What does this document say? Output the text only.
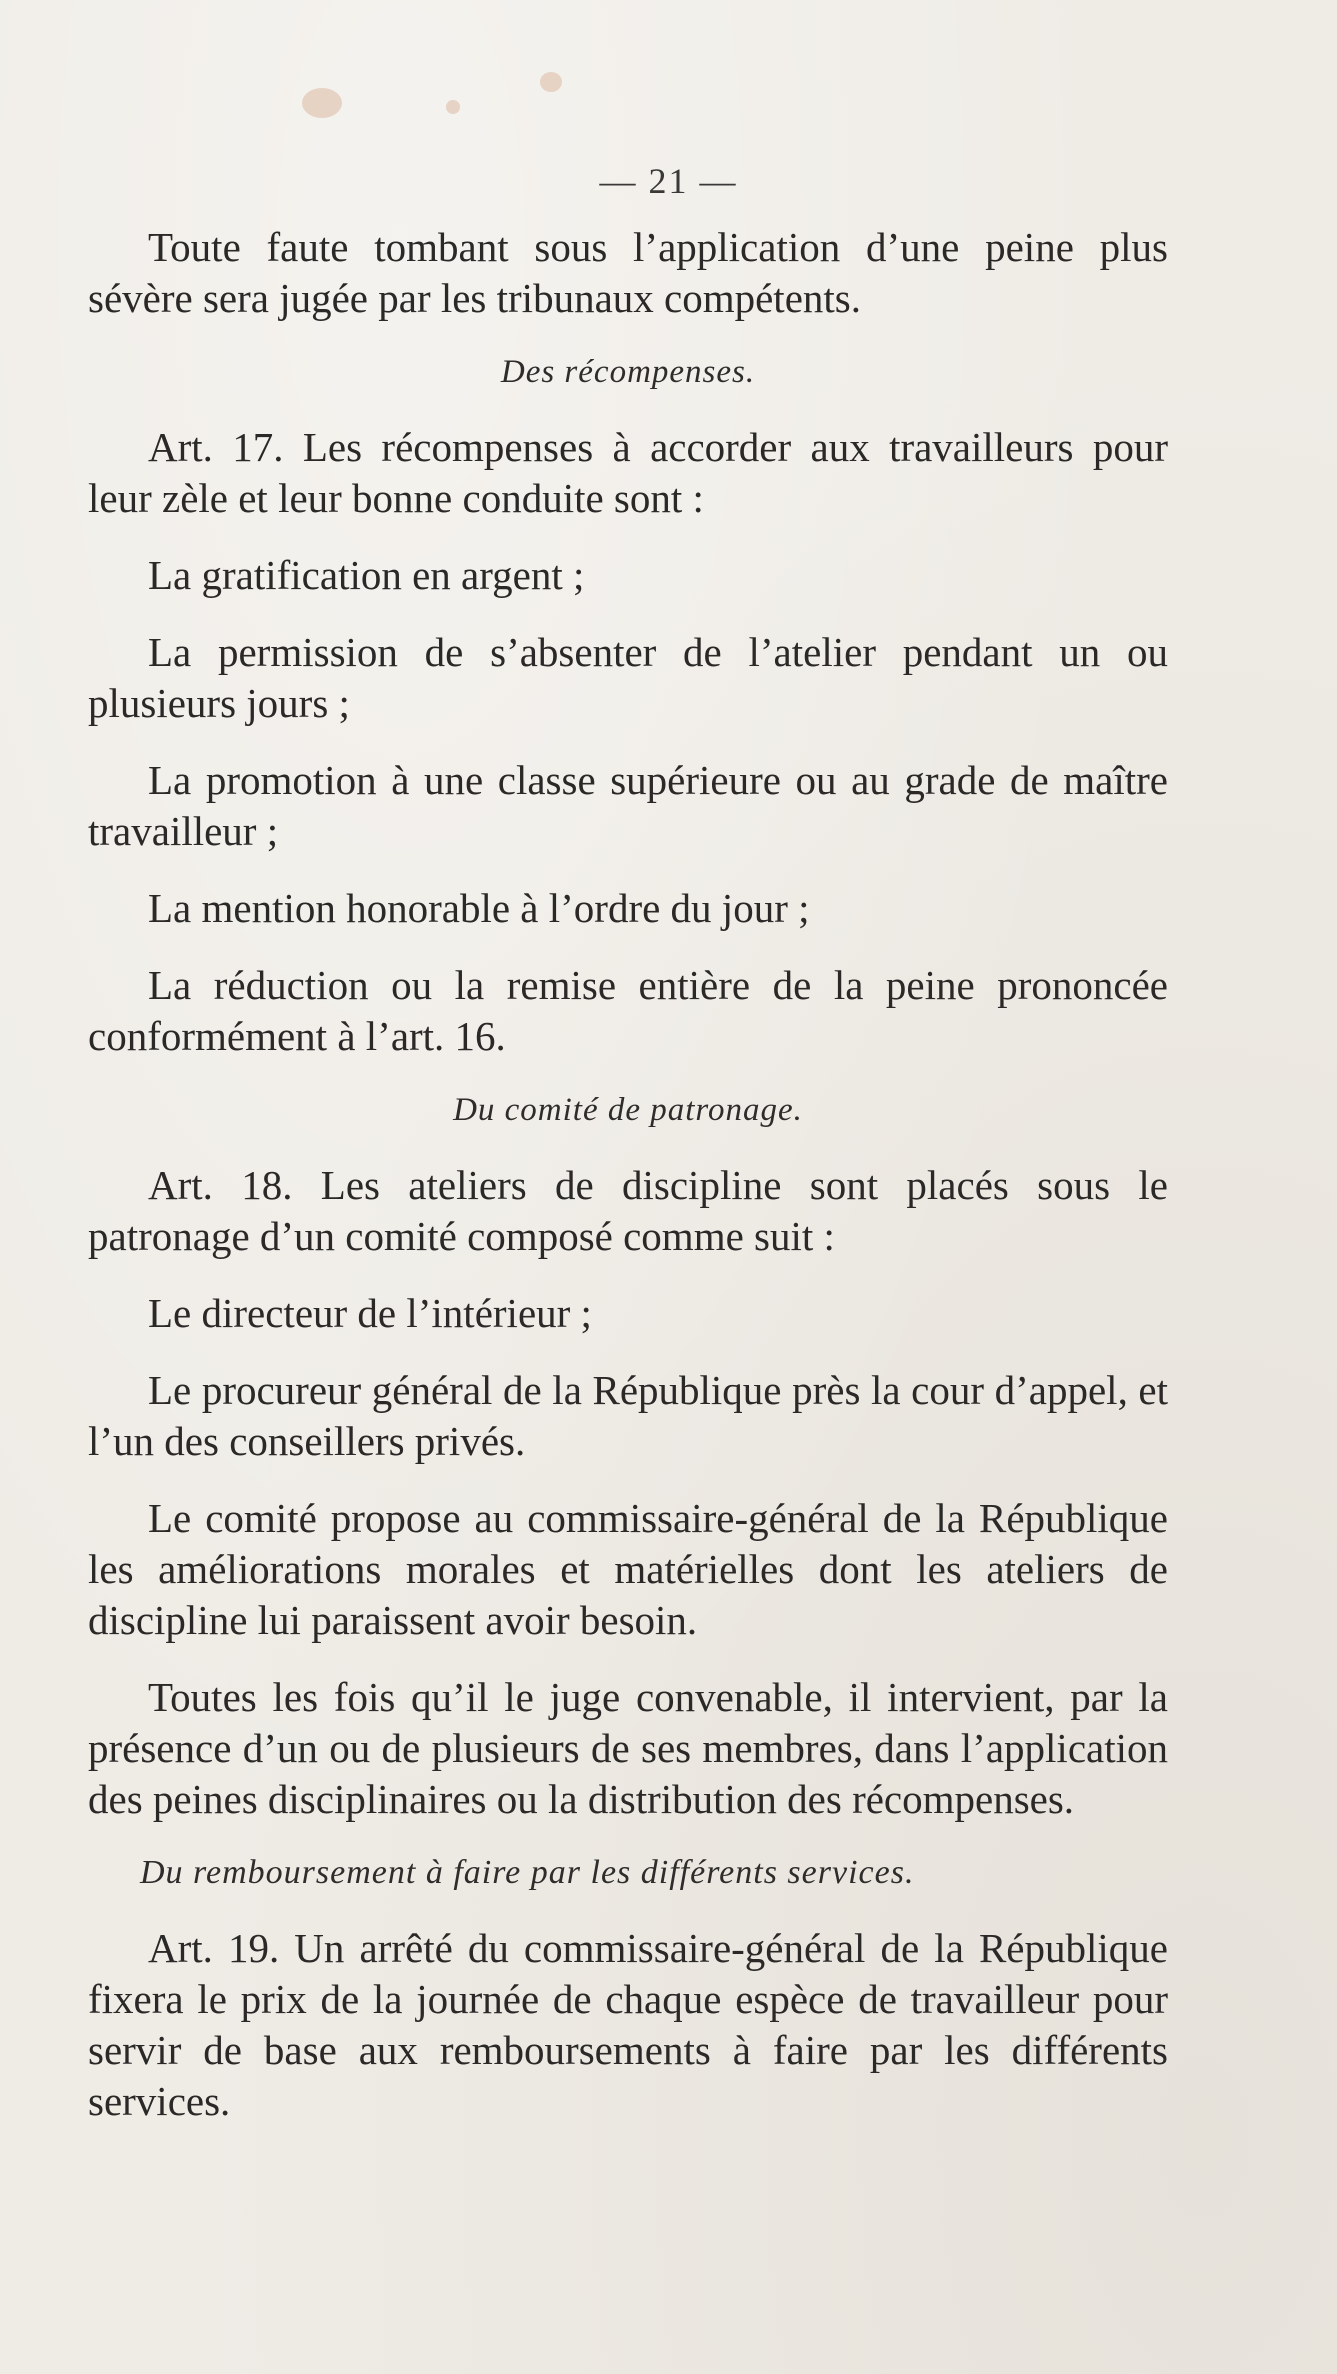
— 21 —

Toute faute tombant sous l’application d’une peine plus sévère sera jugée par les tribunaux compétents.

Des récompenses.

Art. 17. Les récompenses à accorder aux travailleurs pour leur zèle et leur bonne conduite sont :

La gratification en argent ;

La permission de s’absenter de l’atelier pendant un ou plusieurs jours ;

La promotion à une classe supérieure ou au grade de maître travailleur ;

La mention honorable à l’ordre du jour ;

La réduction ou la remise entière de la peine prononcée conformément à l’art. 16.

Du comité de patronage.

Art. 18. Les ateliers de discipline sont placés sous le patronage d’un comité composé comme suit :

Le directeur de l’intérieur ;

Le procureur général de la République près la cour d’appel, et l’un des conseillers privés.

Le comité propose au commissaire-général de la République les améliorations morales et matérielles dont les ateliers de discipline lui paraissent avoir besoin.

Toutes les fois qu’il le juge convenable, il intervient, par la présence d’un ou de plusieurs de ses membres, dans l’application des peines disciplinaires ou la distribution des récompenses.

Du remboursement à faire par les différents services.

Art. 19. Un arrêté du commissaire-général de la République fixera le prix de la journée de chaque espèce de travailleur pour servir de base aux remboursements à faire par les différents services.
